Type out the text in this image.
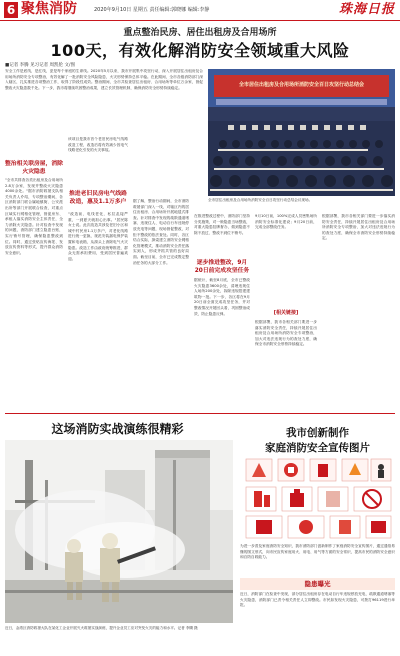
6 聚焦消防	2020年9月10日 星期五 责任编辑:郭晓娜 编辑:李静	珠海日报
重点整治民房、居住出租房及合用场所
100天，有效化解消防安全领域重大风险
■记者 李腾 见习记者 周凯伦 文/图
安全工作是底线，是红线，更是每个家庭的生命线。2020年5月以来，我市开展集中攻坚行动，深入开展居住出租房及合用场所消防安全专项整治，有效化解了一批消防安全风险隐患，火灾形势保持总体平稳。在此期间，全市各级消防部门深入辖区，扎实推进各项整治工作，取得了阶段性成效。整治期间，全市共检查居住出租房、合用场所等单位万余家，督促整改火灾隐患数千处。下一步，我市将继续巩固整治成果，建立长效管理机制，确保消防安全形势持续稳定。	全市居住出租房及合用场所消防安全百日攻坚行动总结会
全市居住出租房及合用场所消防安全百日攻坚行动总结会议现场。
整治相关联房屋，消除火灾隐患
"全市共排查各类出租房及合用场所2.8万余家，发现并整改火灾隐患4000余处。"据市消防救援支队相关负责人介绍，专项整治期间，各区消防部门联合属地镇街、公安派出所等部门开展联合检查，对重点区域实行网格化管理，督促房东、承租人落实消防安全主体责任，全力消除火灾隐患。针对检查中发现的问题，消防部门建立隐患台账，实行销号管理，确保隐患整改到位。同时，通过张贴宣传海报、发放宣传资料等形式，提升群众消防安全意识。
该项目是我市首个老旧民房电气线路改造工程，改造后将有效减少因电气线路老化引发的火灾事故。
推进老旧民房电气线路改造，惠及1.1万多户
"改造前，电线老化，私拉乱接严重，一到夏天就担心出事。"居民陈女士说。此次改造共涉及老旧小区和城中村民房1.1万多户，对老化线路进行统一更换，规范安装漏电保护装置和电表箱，从源头上消除电气火灾隐患。改造工作由政府统筹推进，群众无需承担费用，受到居民普遍欢迎。
据了解，整治行动期间，全市消防救援部门深入一线，对辖区内的居住出租房、合用场所开展地毯式排查。针对排查中发现的疏散通道堵塞、违规住人、电动自行车违规停放充电等问题，现场督促整改，对拒不整改的依法查处。同时，各区结合实际，探索建立消防安全网格化管理模式，推动消防安全责任落实到人，形成齐抓共管的良好局面。截至目前，全市已完成既定整治任务的大部分工作。
在推进整改过程中，消防部门坚持分类施策，对一般隐患当场整改，对重大隐患挂牌督办，做到隐患不除不放过、整改不到位不销号。
逐步推进整改，9月20日前完成攻坚任务
据统计，截至8月底，全市已整改火灾隐患3600余处，清理违规住人场所200余处，拆除违规搭建建筑物一批。下一步，各区将在9月20日前全面完成攻坚任务，并对整改情况开展回头看，巩固整治成效，防止隐患反弹。
9月10日前，100%完成人员密集场所消防安全标准化建设；9月20日前，完成全部整改任务。
[相关链接]
根据部署，我市各相关部门要进一步落实消防安全责任，持续开展居住出租房及合用场所消防安全专项整治，加大对违法违规行为的查处力度，确保全市消防安全形势持续稳定。
根据部署，我市各相关部门要进一步落实消防安全责任，持续开展居住出租房及合用场所消防安全专项整治，加大对违法违规行为的查处力度，确保全市消防安全形势持续稳定。
这场消防实战演练很精彩
近日，金湾区消防救援大队在某化工企业开展灭火救援实战演练，提升企业员工应对突发火灾的能力和水平。记者 李腾 摄
我市创新制作
家庭消防安全宣传图片
为进一步普及家庭消防安全知识，我市消防部门创新制作了家庭消防安全宣传图片，通过通俗易懂的图文形式，向市民宣传家庭用火、用电、用气等方面的安全常识，提高市民的消防安全意识和自防自救能力。
隐患曝光
近日，消防部门在检查中发现，部分居住出租房存在电动自行车违规停放充电、疏散通道堵塞等火灾隐患，消防部门已责令相关责任人立即整改。市民如发现火灾隐患，可拨打96119进行举报。
